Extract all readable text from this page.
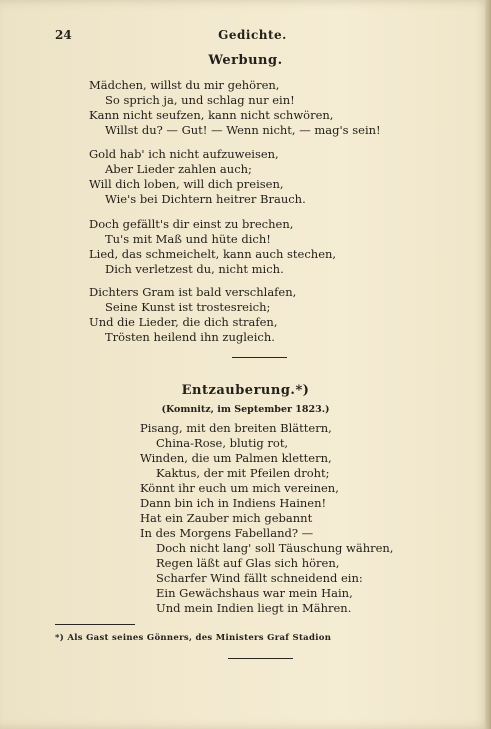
24	Gedichte.
Werbung.
Mädchen, willst du mir gehören,
So sprich ja, und schlag nur ein!
Kann nicht seufzen, kann nicht schwören,
Willst du? — Gut! — Wenn nicht, — mag's sein!
Gold hab' ich nicht aufzuweisen,
Aber Lieder zahlen auch;
Will dich loben, will dich preisen,
Wie's bei Dichtern heitrer Brauch.
Doch gefällt's dir einst zu brechen,
Tu's mit Maß und hüte dich!
Lied, das schmeichelt, kann auch stechen,
Dich verletzest du, nicht mich.
Dichters Gram ist bald verschlafen,
Seine Kunst ist trostesreich;
Und die Lieder, die dich strafen,
Trösten heilend ihn zugleich.
Entzauberung.*)
(Komnitz, im September 1823.)
Pisang, mit den breiten Blättern,
China-Rose, blutig rot,
Winden, die um Palmen klettern,
Kaktus, der mit Pfeilen droht;
Könnt ihr euch um mich vereinen,
Dann bin ich in Indiens Hainen!
Hat ein Zauber mich gebannt
In des Morgens Fabelland? —
Doch nicht lang' soll Täuschung währen,
Regen läßt auf Glas sich hören,
Scharfer Wind fällt schneidend ein:
Ein Gewächshaus war mein Hain,
Und mein Indien liegt in Mähren.
*) Als Gast seines Gönners, des Ministers Graf Stadion
